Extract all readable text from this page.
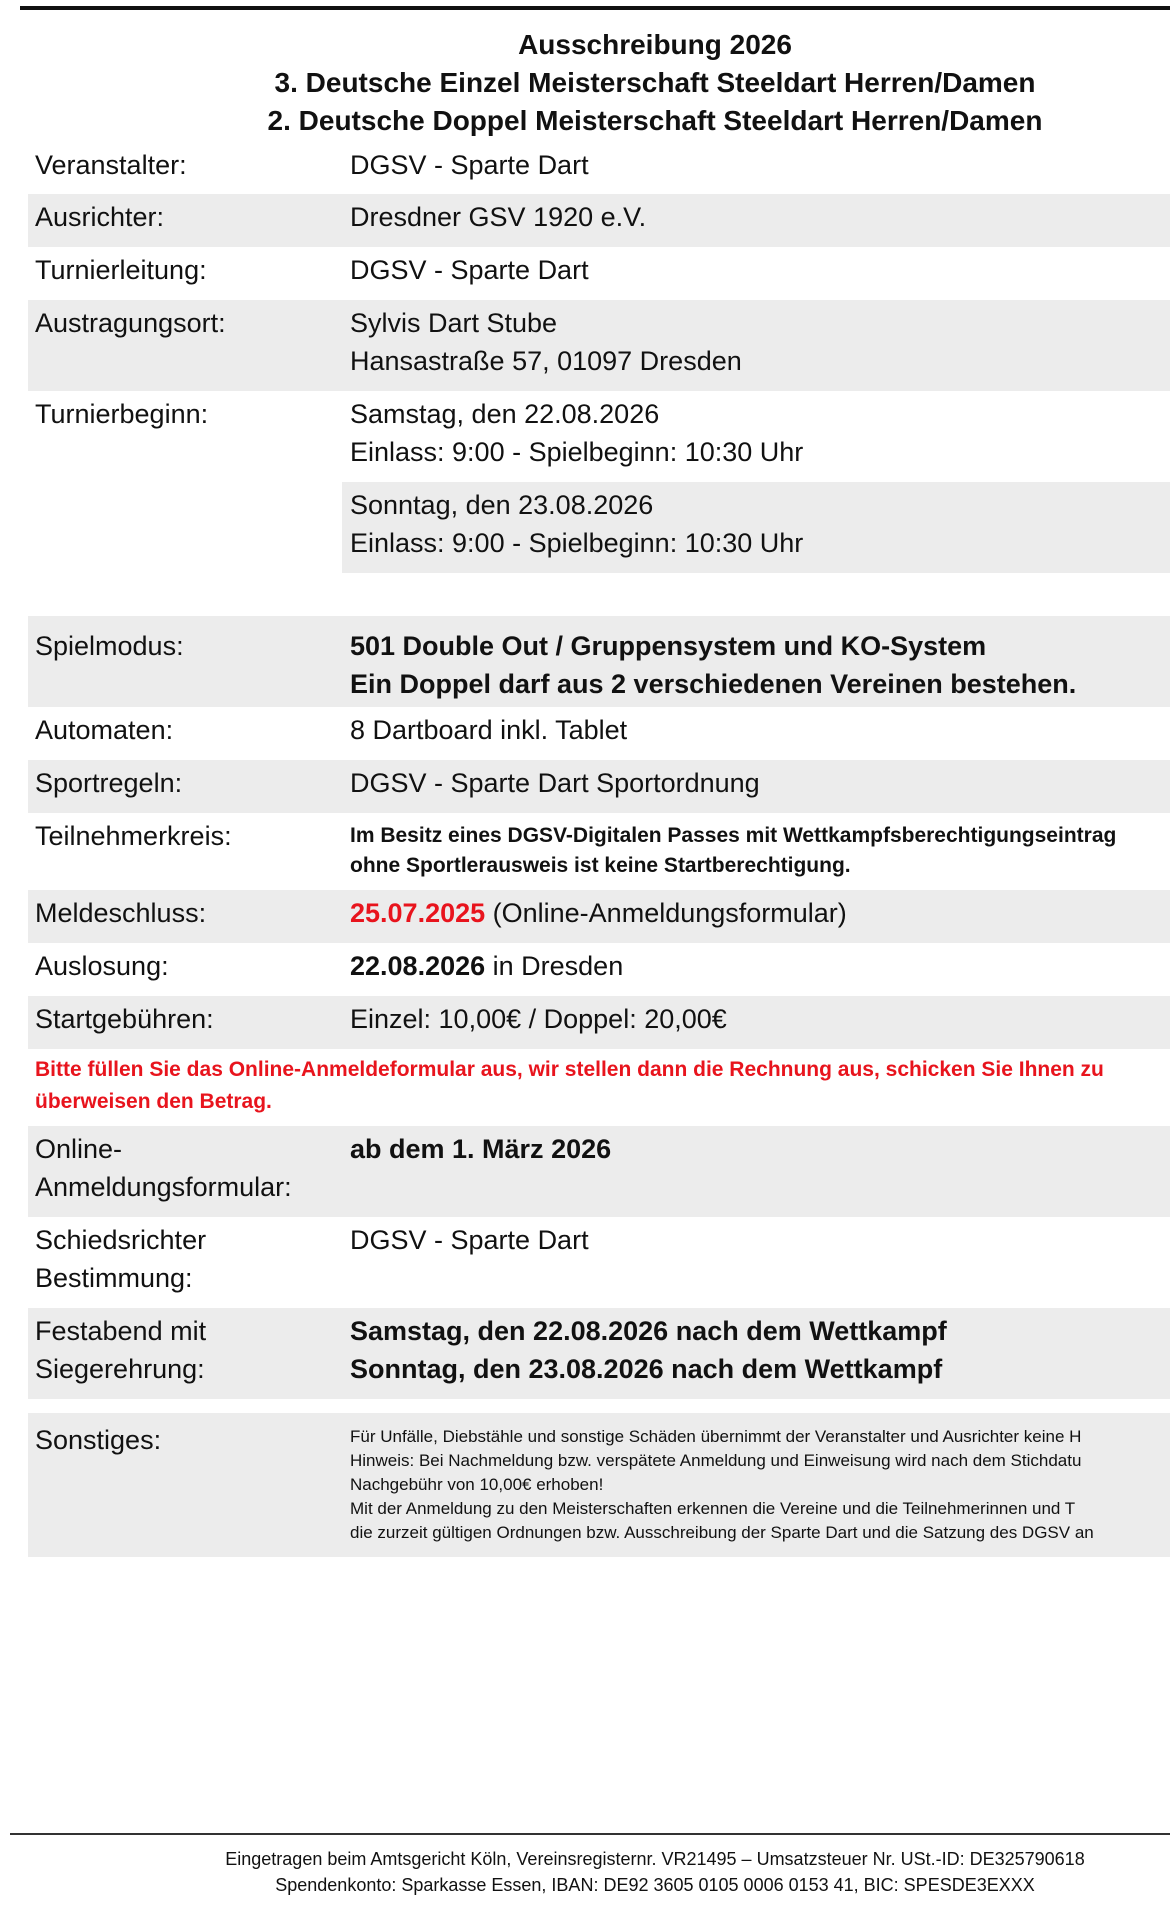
Ausschreibung 2026
3. Deutsche Einzel Meisterschaft Steeldart Herren/Damen
2. Deutsche Doppel Meisterschaft Steeldart Herren/Damen
Veranstalter:	DGSV - Sparte Dart
Ausrichter:	Dresdner GSV 1920 e.V.
Turnierleitung:	DGSV - Sparte Dart
Austragungsort:	Sylvis Dart Stube
Hansastraße 57, 01097 Dresden
Turnierbeginn:	Samstag, den 22.08.2026
Einlass: 9:00 - Spielbeginn: 10:30 Uhr
Sonntag, den 23.08.2026
Einlass: 9:00 - Spielbeginn: 10:30 Uhr
Spielmodus:	501 Double Out / Gruppensystem und KO-System
Ein Doppel darf aus 2 verschiedenen Vereinen bestehen.
Automaten:	8 Dartboard inkl. Tablet
Sportregeln:	DGSV - Sparte Dart Sportordnung
Teilnehmerkreis:	Im Besitz eines DGSV-Digitalen Passes mit Wettkampfsberechtigungseintrag
ohne Sportlerausweis ist keine Startberechtigung.
Meldeschluss:	25.07.2025 (Online-Anmeldungsformular)
Auslosung:	22.08.2026 in Dresden
Startgebühren:	Einzel: 10,00€ / Doppel: 20,00€
Bitte füllen Sie das Online-Anmeldeformular aus, wir stellen dann die Rechnung aus, schicken Sie Ihnen zu
überweisen den Betrag.
Online-
Anmeldungsformular:
ab dem 1. März 2026
Schiedsrichter
Bestimmung:
DGSV - Sparte Dart
Festabend mit
Siegerehrung:
Samstag, den 22.08.2026 nach dem Wettkampf
Sonntag, den 23.08.2026 nach dem Wettkampf
Sonstiges:	Für Unfälle, Diebstähle und sonstige Schäden übernimmt der Veranstalter und Ausrichter keine H
Hinweis: Bei Nachmeldung bzw. verspätete Anmeldung und Einweisung wird nach dem Stichdatu
Nachgebühr von 10,00€ erhoben!
Mit der Anmeldung zu den Meisterschaften erkennen die Vereine und die Teilnehmerinnen und T
die zurzeit gültigen Ordnungen bzw. Ausschreibung der Sparte Dart und die Satzung des DGSV an
Eingetragen beim Amtsgericht Köln, Vereinsregisternr. VR21495 – Umsatzsteuer Nr. USt.-ID: DE325790618
Spendenkonto: Sparkasse Essen, IBAN: DE92 3605 0105 0006 0153 41, BIC: SPESDE3EXXX
